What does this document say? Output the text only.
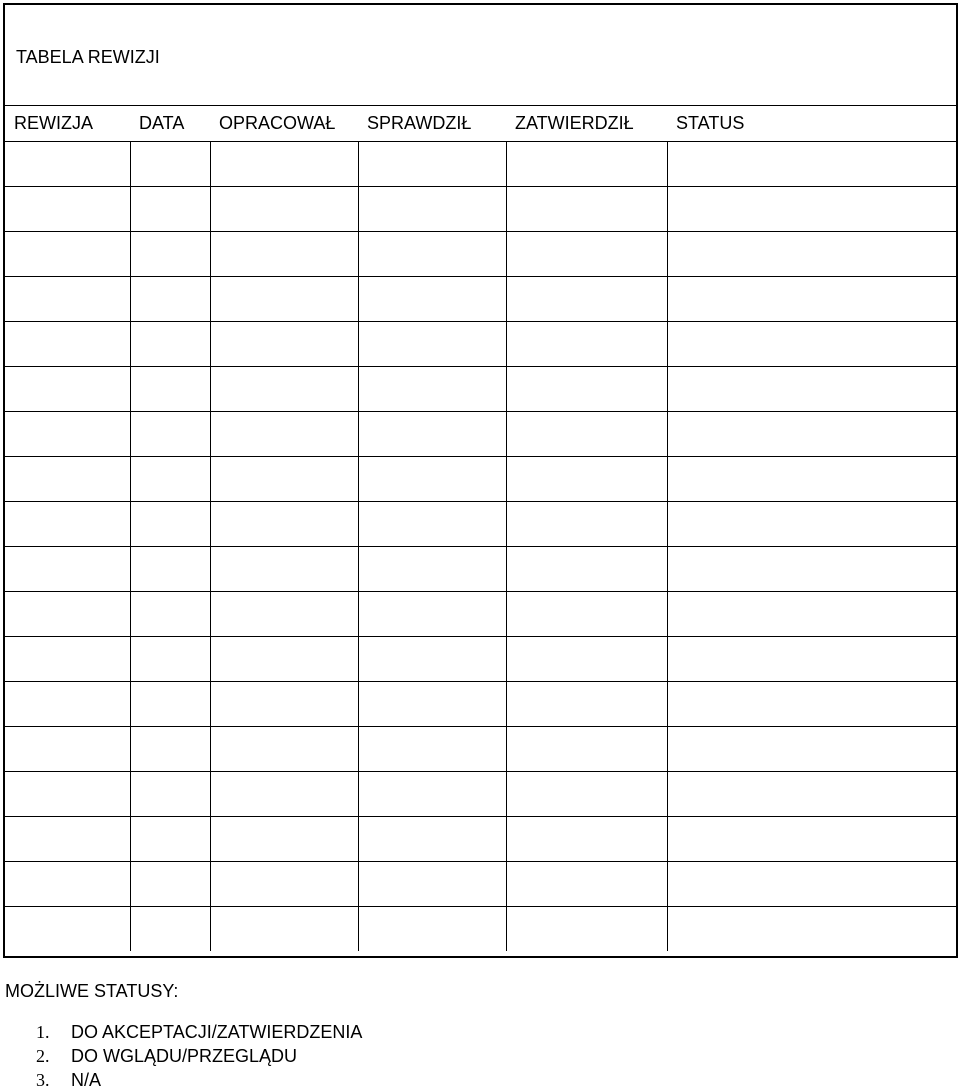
TABELA REWIZJI
REWIZJA	DATA	OPRACOWAŁ	SPRAWDZIŁ	ZATWIERDZIŁ	STATUS

MOŻLIWE STATUSY:
1.	DO AKCEPTACJI/ZATWIERDZENIA
2.	DO WGLĄDU/PRZEGLĄDU
3.	N/A
